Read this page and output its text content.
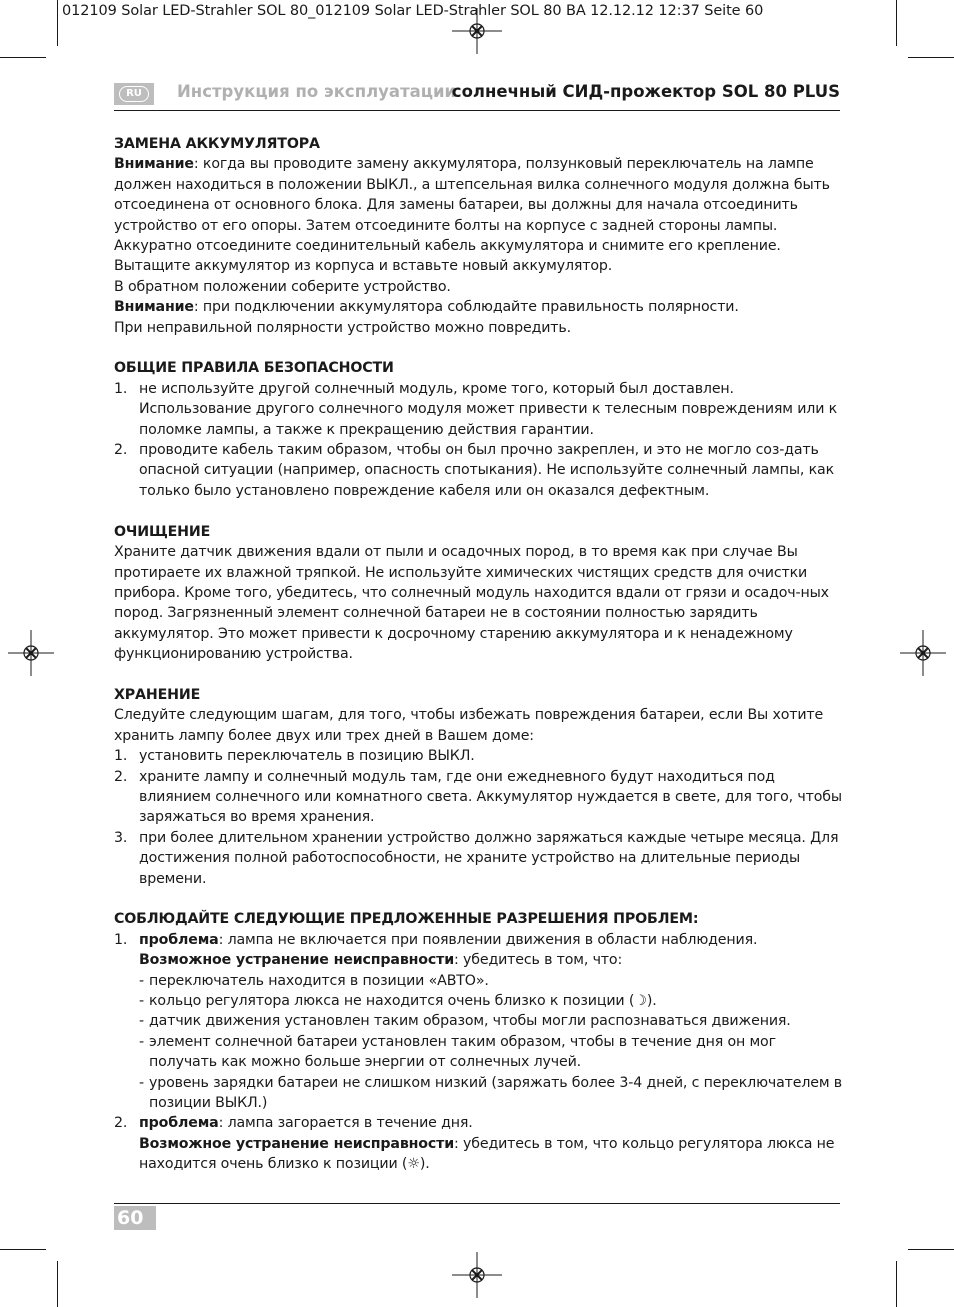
012109 Solar LED-Strahler SOL 80_012109 Solar LED-Strahler SOL 80 BA 12.12.12 12:37 Seite 60
RU	Инструкция по эксплуатации
солнечный СИД-прожектор SOL 80 PLUS

ЗАМЕНА АККУМУЛЯТОРА

Внимание: когда вы проводите замену аккумулятора, ползунковый переключатель на лампе должен находиться в положении ВЫКЛ., а штепсельная вилка солнечного модуля должна быть отсоединена от основного блока. Для замены батареи, вы должны для начала отсоединить устройство от его опоры. Затем отсоедините болты на корпусе с задней стороны лампы. Аккуратно отсоедините соединительный кабель аккумулятора и снимите его крепление. Вытащите аккумулятор из корпуса и вставьте новый аккумулятор.

В обратном положении соберите устройство.

Внимание: при подключении аккумулятора соблюдайте правильность полярности.

При неправильной полярности устройство можно повредить.

ОБЩИЕ ПРАВИЛА БЕЗОПАСНОСТИ

1. не используйте другой солнечный модуль, кроме того, который был доставлен. Использование другого солнечного модуля может привести к телесным повреждениям или к поломке лампы, а также к прекращению действия гарантии.
2. проводите кабель таким образом, чтобы он был прочно закреплен, и это не могло соз-дать опасной ситуации (например, опасность спотыкания). Не используйте солнечный лампы, как только было установлено повреждение кабеля или он оказался дефектным.

ОЧИЩЕНИЕ

Храните датчик движения вдали от пыли и осадочных пород, в то время как при случае Вы протираете их влажной тряпкой. Не используйте химических чистящих средств для очистки прибора. Кроме того, убедитесь, что солнечный модуль находится вдали от грязи и осадоч-ных пород. Загрязненный элемент солнечной батареи не в состоянии полностью зарядить аккумулятор. Это может привести к досрочному старению аккумулятора и к ненадежному функционированию устройства.

ХРАНЕНИЕ

Следуйте следующим шагам, для того, чтобы избежать повреждения батареи, если Вы хотите хранить лампу более двух или трех дней в Вашем доме:

1. установить переключатель в позицию ВЫКЛ.
2. храните лампу и солнечный модуль там, где они ежедневного будут находиться под влиянием солнечного или комнатного света. Аккумулятор нуждается в свете, для того, чтобы заряжаться во время хранения.
3. при более длительном хранении устройство должно заряжаться каждые четыре месяца. Для достижения полной работоспособности, не храните устройство на длительные периоды времени.

СОБЛЮДАЙТЕ СЛЕДУЮЩИЕ ПРЕДЛОЖЕННЫЕ РАЗРЕШЕНИЯ ПРОБЛЕМ:

1. проблема: лампа не включается при появлении движения в области наблюдения.
Возможное устранение неисправности: убедитесь в том, что:
- переключатель находится в позиции «АВТО».
- кольцо регулятора люкса не находится очень близко к позиции (☽).
- датчик движения установлен таким образом, чтобы могли распознаваться движения.
- элемент солнечной батареи установлен таким образом, чтобы в течение дня он мог получать как можно больше энергии от солнечных лучей.
- уровень зарядки батареи не слишком низкий (заряжать более 3-4 дней, с переключателем в позиции ВЫКЛ.)
2. проблема: лампа загорается в течение дня.
Возможное устранение неисправности: убедитесь в том, что кольцо регулятора люкса не находится очень близко к позиции (☼).
60
